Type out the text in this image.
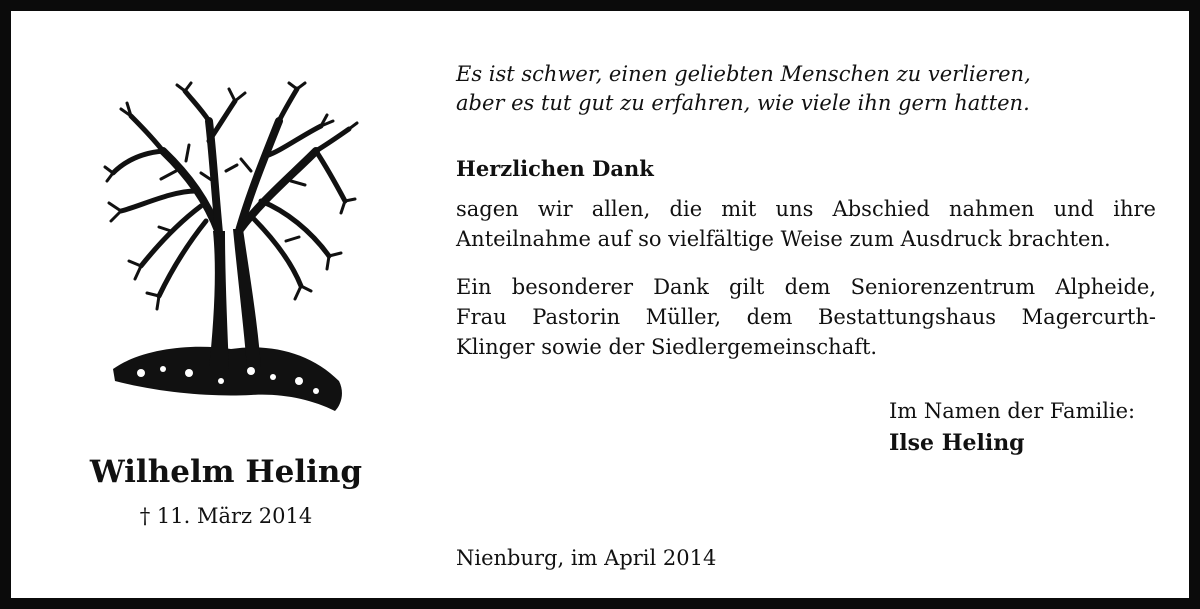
Wilhelm Heling
† 11. März 2014
Es ist schwer, einen geliebten Menschen zu verlieren,
aber es tut gut zu erfahren, wie viele ihn gern hatten.
Herzlichen Dank
sagen wir allen, die mit uns Abschied nahmen und ihre
Anteilnahme auf so vielfältige Weise zum Ausdruck brachten.
Ein besonderer Dank gilt dem Seniorenzentrum Alpheide,
Frau Pastorin Müller, dem Bestattungshaus Magercurth-
Klinger sowie der Siedlergemeinschaft.
Im Namen der Familie:
Ilse Heling
Nienburg, im April 2014
